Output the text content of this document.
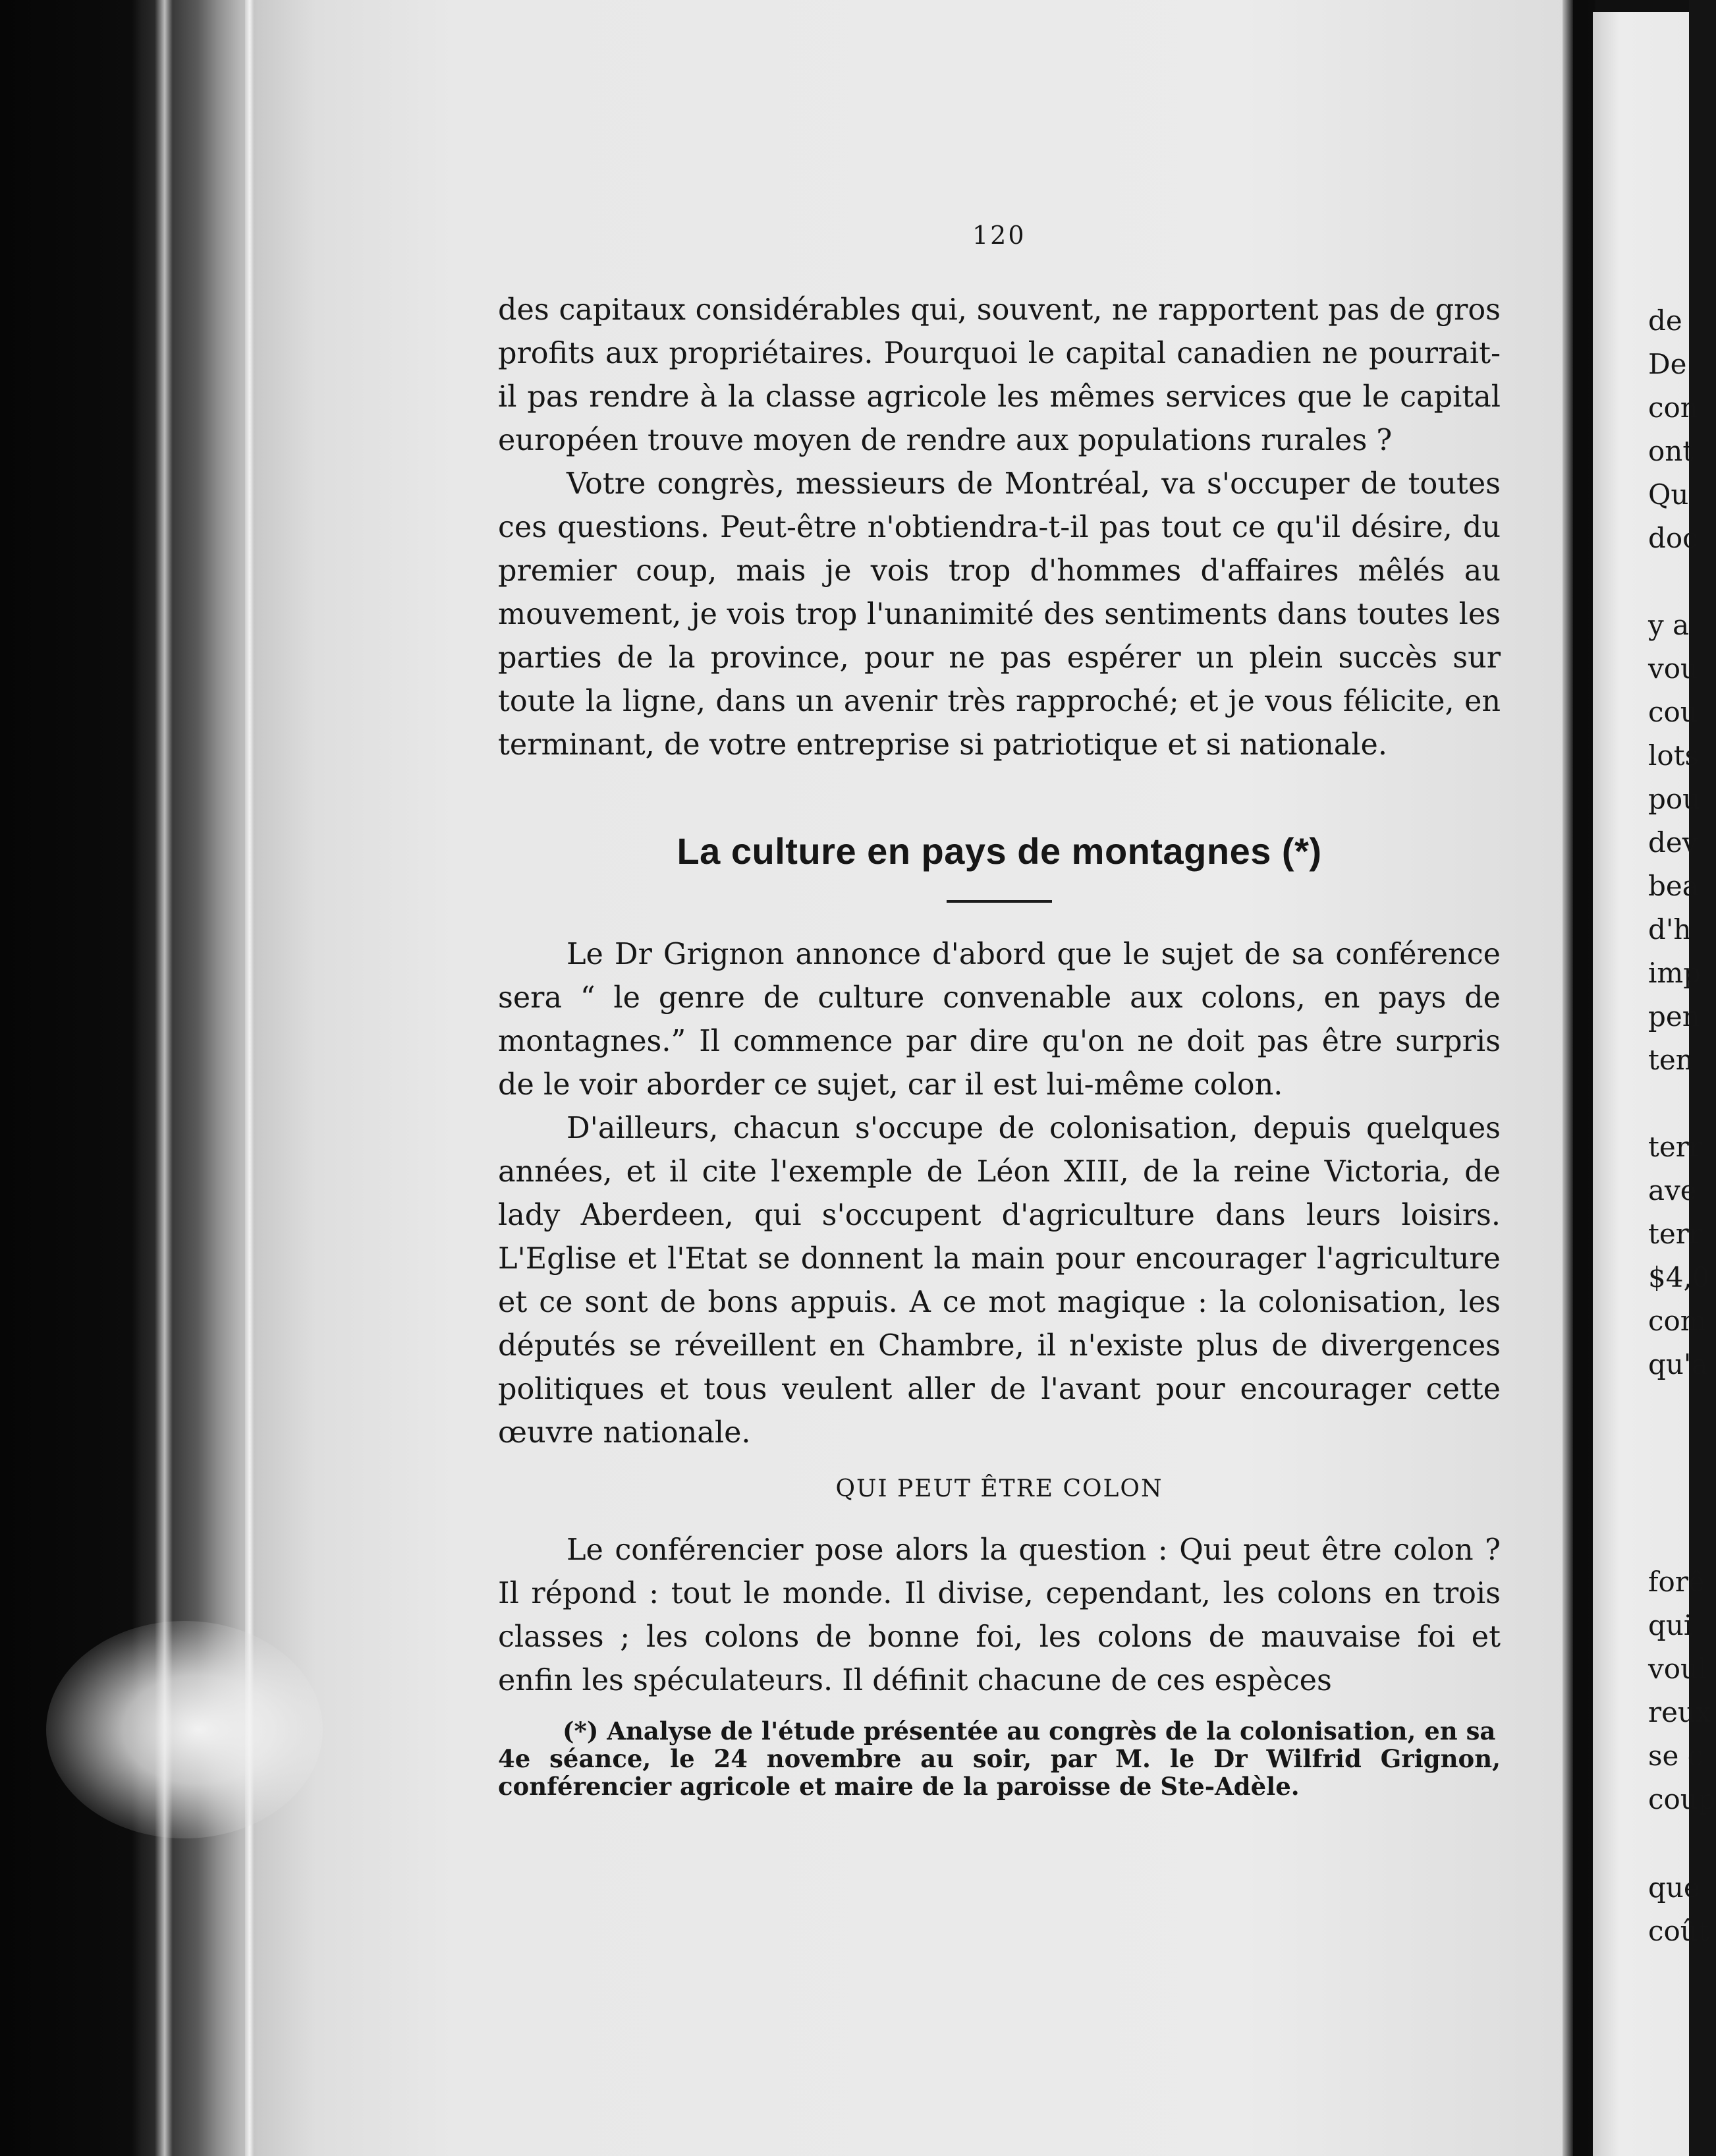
120

des capitaux considérables qui, souvent, ne rapportent pas de gros profits aux propriétaires. Pourquoi le capital canadien ne pourrait-il pas rendre à la classe agricole les mêmes services que le capital européen trouve moyen de rendre aux populations rurales ?

Votre congrès, messieurs de Montréal, va s'occuper de toutes ces questions. Peut-être n'obtiendra-t-il pas tout ce qu'il désire, du premier coup, mais je vois trop d'hommes d'affaires mêlés au mouvement, je vois trop l'unanimité des sentiments dans toutes les parties de la province, pour ne pas espérer un plein succès sur toute la ligne, dans un avenir très rapproché; et je vous félicite, en terminant, de votre entreprise si patriotique et si nationale.

La culture en pays de montagnes (*)

Le Dr Grignon annonce d'abord que le sujet de sa conférence sera “ le genre de culture convenable aux colons, en pays de montagnes.” Il commence par dire qu'on ne doit pas être surpris de le voir aborder ce sujet, car il est lui-même colon.

D'ailleurs, chacun s'occupe de colonisation, depuis quelques années, et il cite l'exemple de Léon XIII, de la reine Victoria, de lady Aberdeen, qui s'occupent d'agriculture dans leurs loisirs. L'Eglise et l'Etat se donnent la main pour encourager l'agriculture et ce sont de bons appuis. A ce mot magique : la colonisation, les députés se réveillent en Chambre, il n'existe plus de divergences politiques et tous veulent aller de l'avant pour encourager cette œuvre nationale.

QUI PEUT ÊTRE COLON

Le conférencier pose alors la question : Qui peut être colon ? Il répond : tout le monde. Il divise, cependant, les colons en trois classes ; les colons de bonne foi, les colons de mauvaise foi et enfin les spéculateurs. Il définit chacune de ces espèces

(*) Analyse de l'étude présentée au congrès de la colonisation, en sa
4e séance, le 24 novembre au soir, par M. le Dr Wilfrid Grignon, conférencier agricole et maire de la paroisse de Ste-Adèle.
de
De
con
ont
Qu
doc
y a
vou
cou
lots
pou
dev
bea
d'h
imp
pen
ten
terr
ave
terr
$4,0
com
qu'a
forê
qui
voul
reux
se c
coup
que
coût
